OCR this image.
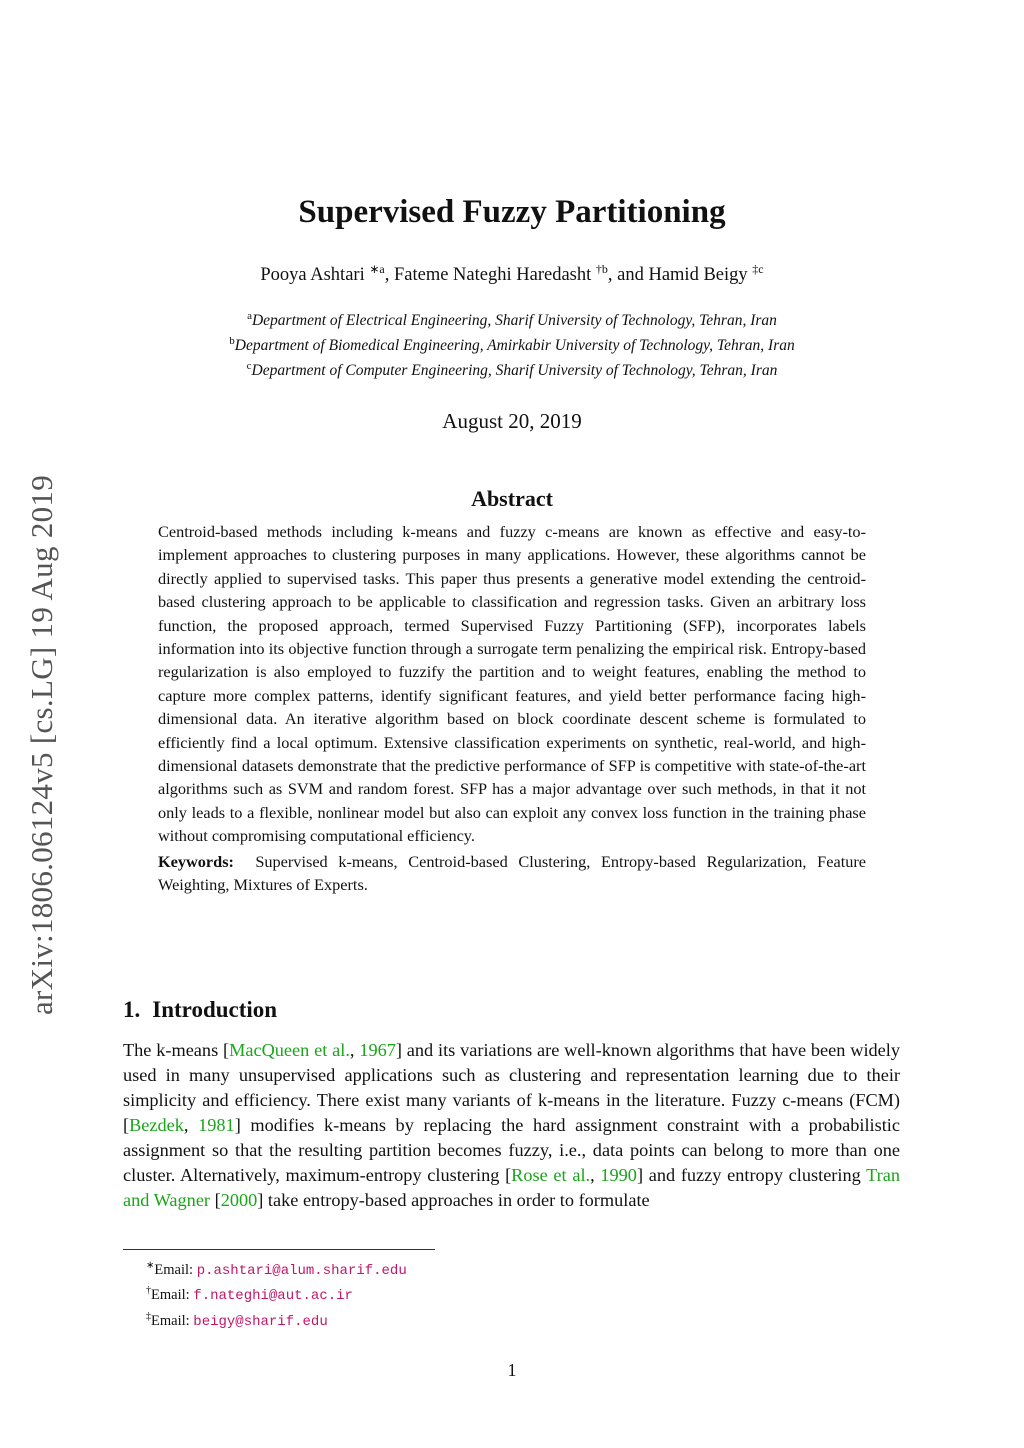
arXiv:1806.06124v5 [cs.LG] 19 Aug 2019
Supervised Fuzzy Partitioning
Pooya Ashtari $^{∗a}$, Fateme Nateghi Haredasht $^{\dagger b}$, and Hamid Beigy $^{\ddagger c}$
$^a$Department of Electrical Engineering, Sharif University of Technology, Tehran, Iran
$^b$Department of Biomedical Engineering, Amirkabir University of Technology, Tehran, Iran
$^c$Department of Computer Engineering, Sharif University of Technology, Tehran, Iran
August 20, 2019
Abstract

Centroid-based methods including k-means and fuzzy c-means are known as effective and easy-to-implement approaches to clustering purposes in many applications. However, these algorithms cannot be directly applied to supervised tasks. This paper thus presents a generative model extending the centroid-based clustering approach to be applicable to classification and regression tasks. Given an arbitrary loss function, the proposed approach, termed Supervised Fuzzy Partitioning (SFP), incorporates labels information into its objective function through a surrogate term penalizing the empirical risk. Entropy-based regularization is also employed to fuzzify the partition and to weight features, enabling the method to capture more complex patterns, identify significant features, and yield better performance facing high-dimensional data. An iterative algorithm based on block coordinate descent scheme is formulated to efficiently find a local optimum. Extensive classification experiments on synthetic, real-world, and high-dimensional datasets demonstrate that the predictive performance of SFP is competitive with state-of-the-art algorithms such as SVM and random forest. SFP has a major advantage over such methods, in that it not only leads to a flexible, nonlinear model but also can exploit any convex loss function in the training phase without compromising computational efficiency.

Keywords: Supervised k-means, Centroid-based Clustering, Entropy-based Regularization, Feature Weighting, Mixtures of Experts.

1. Introduction

The k-means [MacQueen et al., 1967] and its variations are well-known algorithms that have been widely used in many unsupervised applications such as clustering and representation learning due to their simplicity and efficiency. There exist many variants of k-means in the literature. Fuzzy c-means (FCM) [Bezdek, 1981] modifies k-means by replacing the hard assignment constraint with a probabilistic assignment so that the resulting partition becomes fuzzy, i.e., data points can belong to more than one cluster. Alternatively, maximum-entropy clustering [Rose et al., 1990] and fuzzy entropy clustering Tran and Wagner [2000] take entropy-based approaches in order to formulate

∗Email: p.ashtari@alum.sharif.edu
†Email: f.nateghi@aut.ac.ir
‡Email: beigy@sharif.edu
1
